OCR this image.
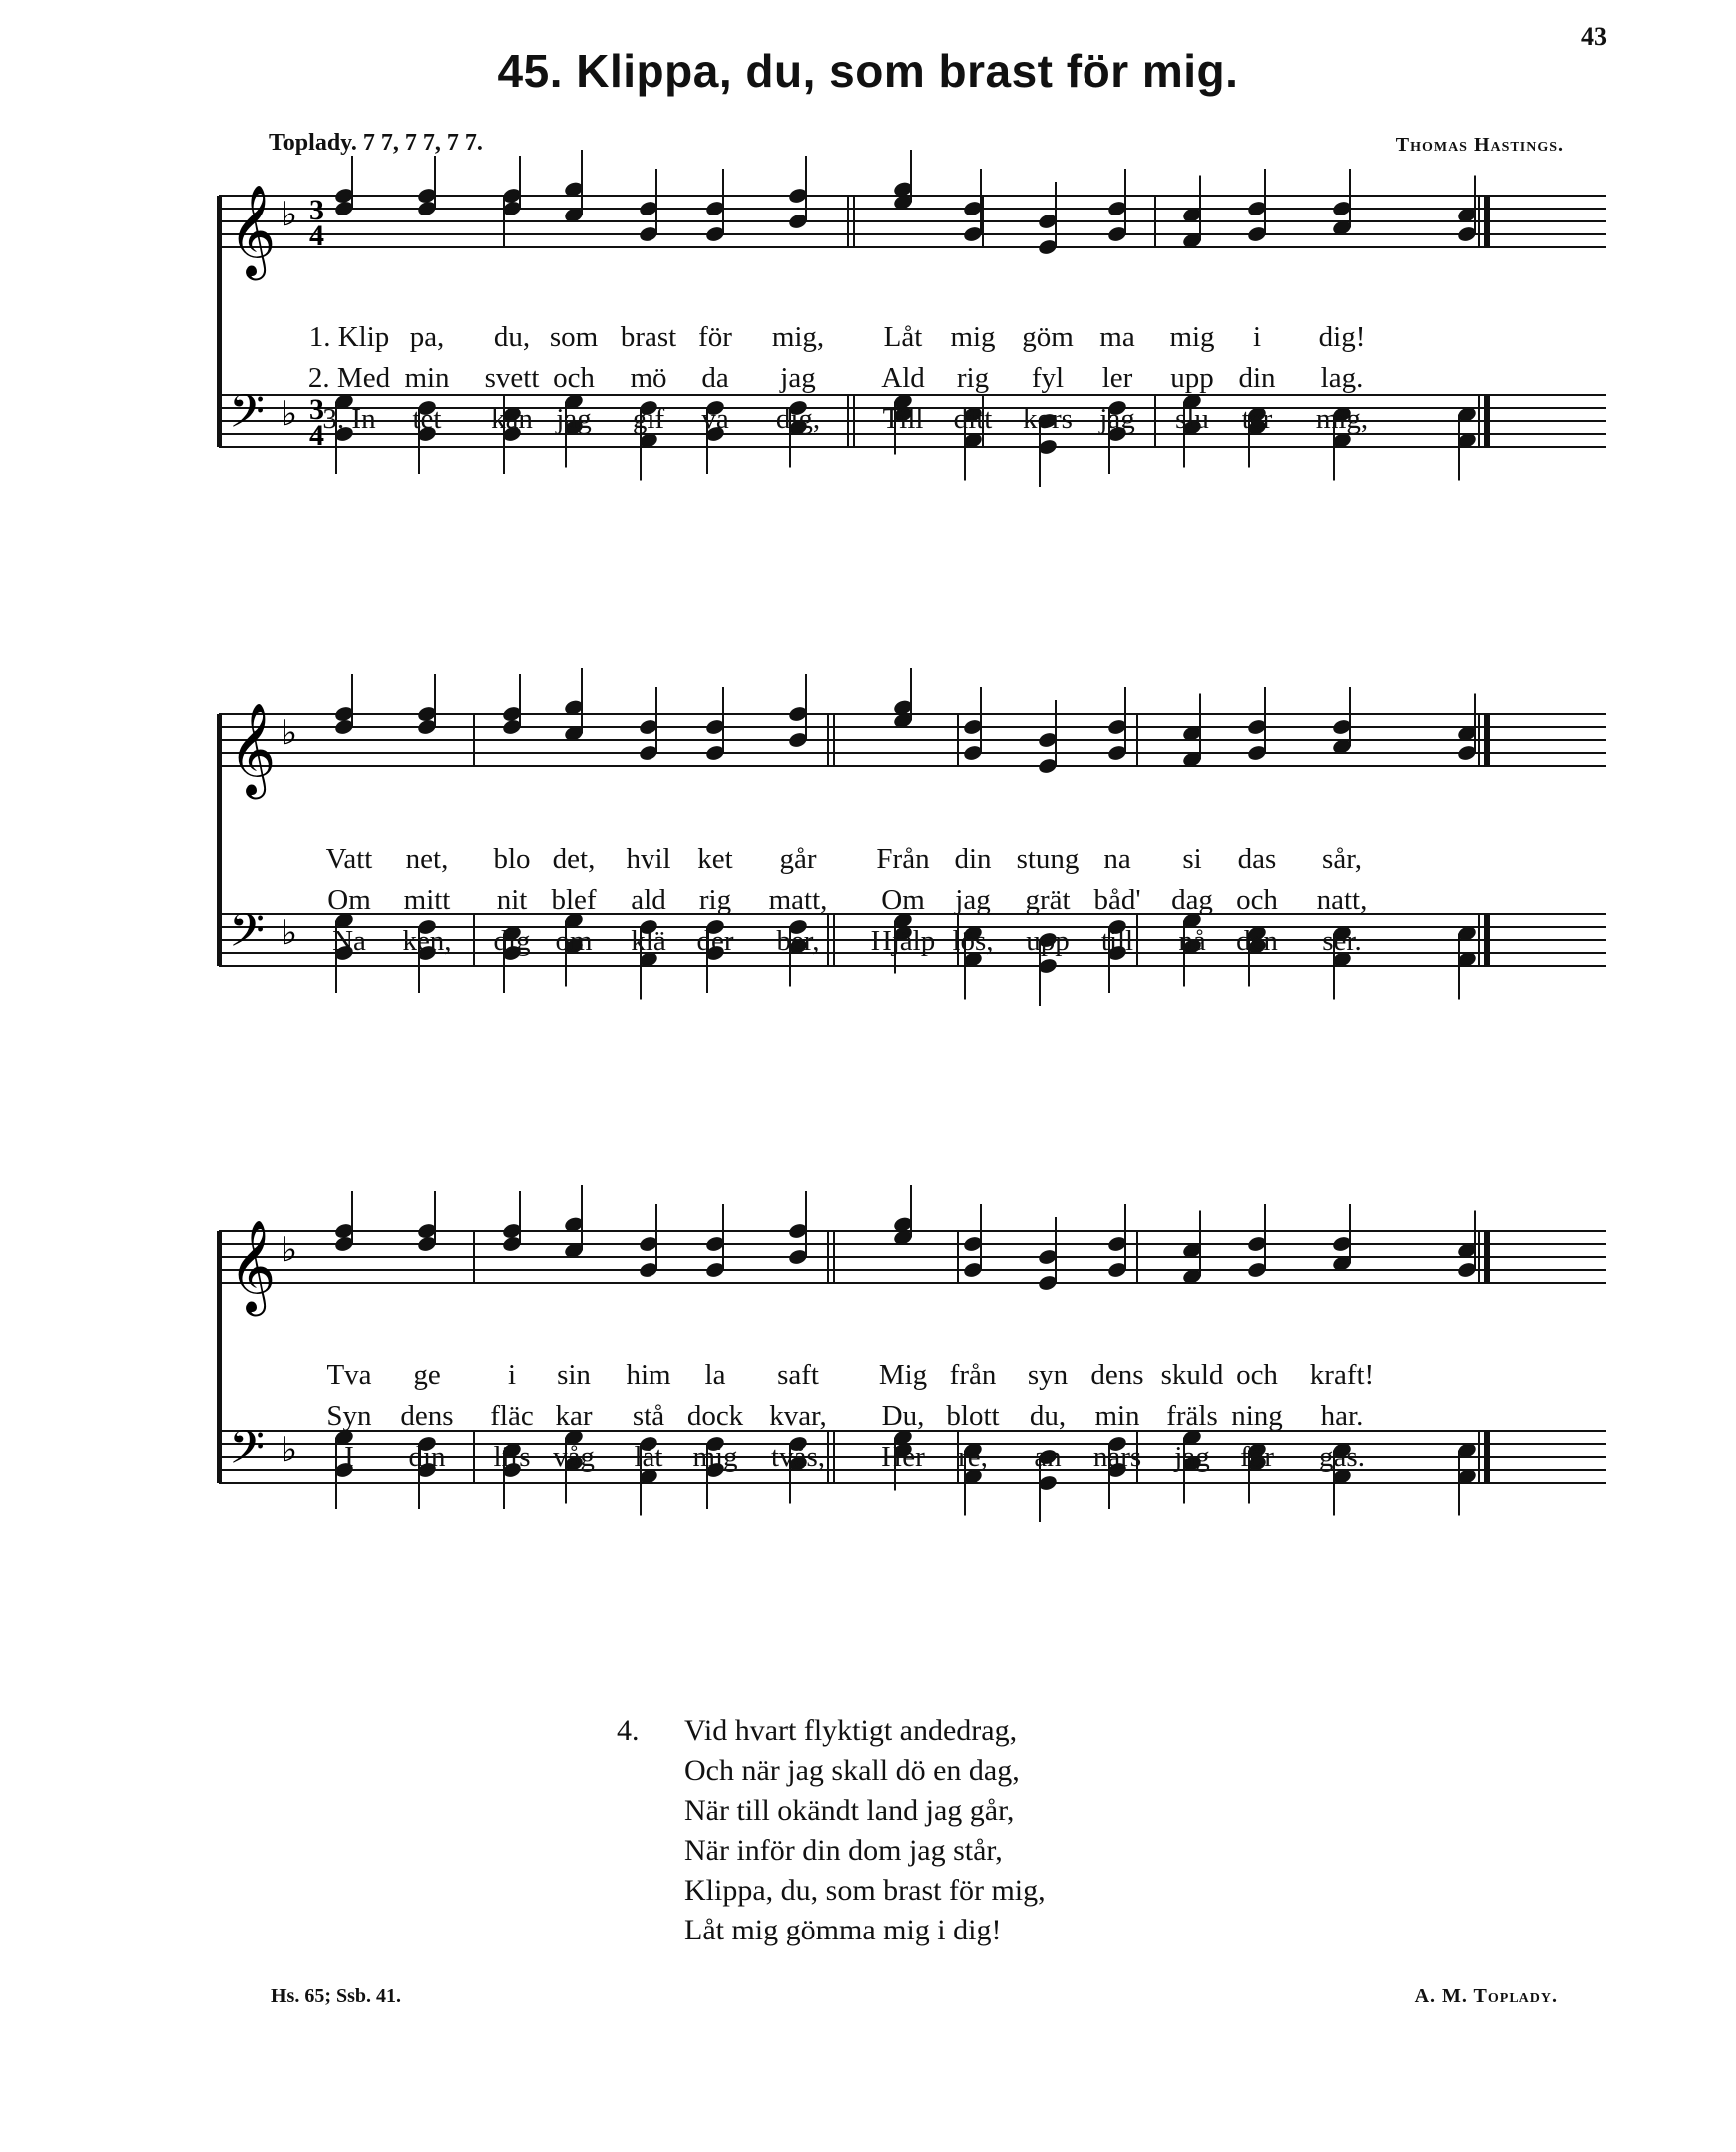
43
45. Klippa, du, som brast för mig.
Toplady. 7 7, 7 7, 7 7.	Thomas Hastings.
𝄞 ♭
𝄢 ♭
3
4
3
4
𝄞 ♭
𝄢 ♭
𝄞 ♭
𝄢 ♭
1. Klip pa, du, som brast för mig, Låt mig göm ma mig i dig!
2. Med min svett och mö da jag Ald rig fyl ler upp din lag.
3. In tet kan jag gif va dig, Till ditt kors jag slu ter mig,
Vatt net, blo det, hvil ket går Från din stung na si das sår,
Om mitt nit blef ald rig matt, Om jag grät båd' dag och natt,
Na ken, dig om klä der ber, Hjälp lös, upp till nå den ser.
Tva ge i sin him la saft Mig från syn dens skuld och kraft!
Syn dens fläc kar stå dock kvar, Du, blott du, min fräls ning har.
I din lifs våg låt mig tvås, Her re, an nars jag för gås.
4. Vid hvart flyktigt andedrag,
Och när jag skall dö en dag,
När till okändt land jag går,
När inför din dom jag står,
Klippa, du, som brast för mig,
Låt mig gömma mig i dig!
Hs. 65; Ssb. 41.	A. M. Toplady.
